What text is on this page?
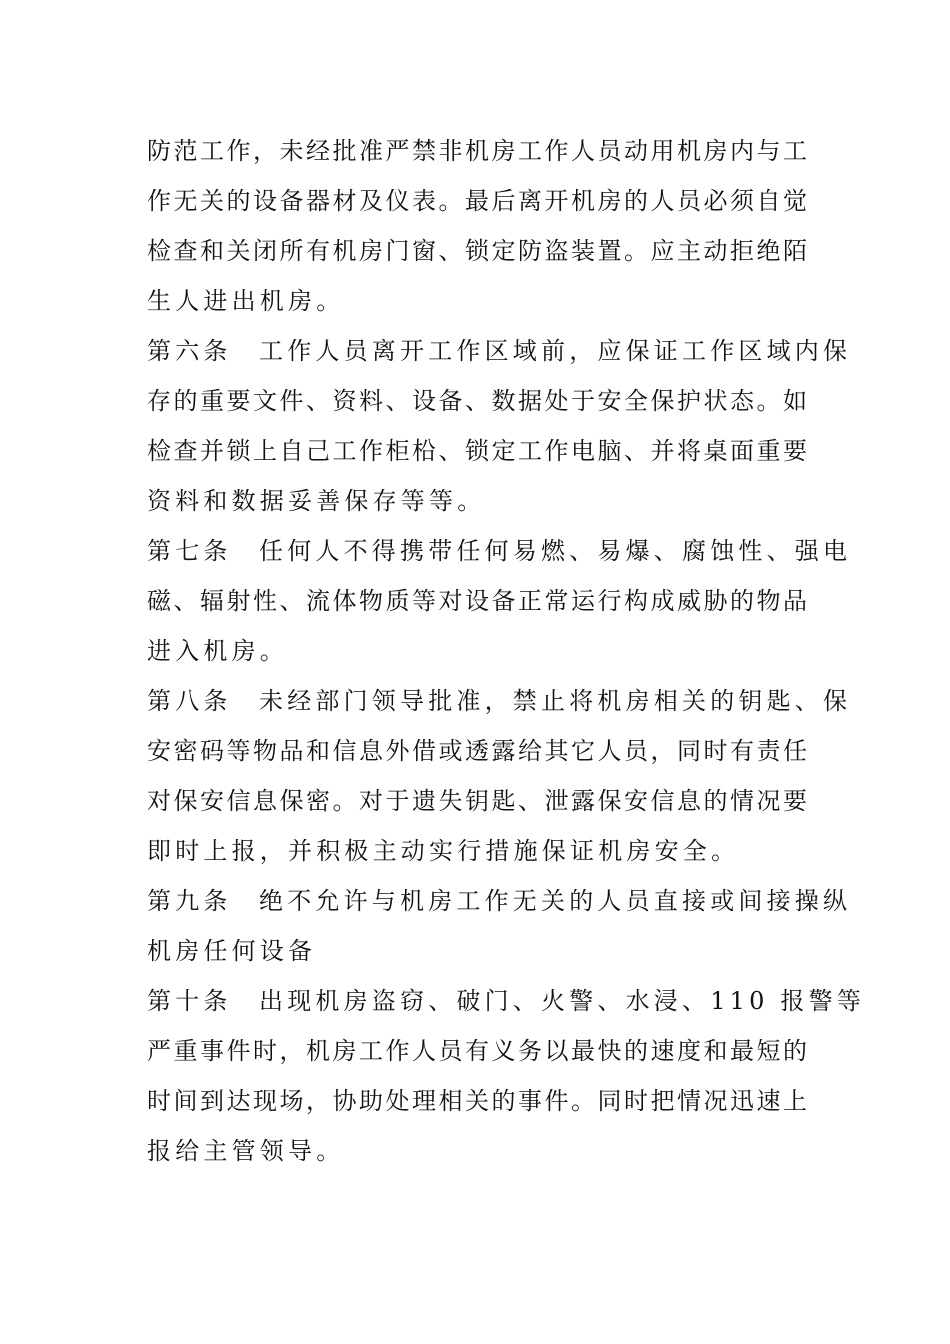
防范工作，未经批准严禁非机房工作人员动用机房内与工
作无关的设备器材及仪表。最后离开机房的人员必须自觉
检查和关闭所有机房门窗、锁定防盗装置。应主动拒绝陌
生人进出机房。
第六条 工作人员离开工作区域前，应保证工作区域内保
存的重要文件、资料、设备、数据处于安全保护状态。如
检查并锁上自己工作柜柗、锁定工作电脑、并将桌面重要
资料和数据妥善保存等等。
第七条 任何人不得携带任何易燃、易爆、腐蚀性、强电
磁、辐射性、流体物质等对设备正常运行构成威胁的物品
进入机房。
第八条 未经部门领导批准，禁止将机房相关的钥匙、保
安密码等物品和信息外借或透露给其它人员，同时有责任
对保安信息保密。对于遗失钥匙、泄露保安信息的情况要
即时上报，并积极主动实行措施保证机房安全。
第九条 绝不允许与机房工作无关的人员直接或间接操纵
机房任何设备
第十条 出现机房盗窃、破门、火警、水浸、110 报警等
严重事件时，机房工作人员有义务以最快的速度和最短的
时间到达现场，协助处理相关的事件。同时把情况迅速上
报给主管领导。
